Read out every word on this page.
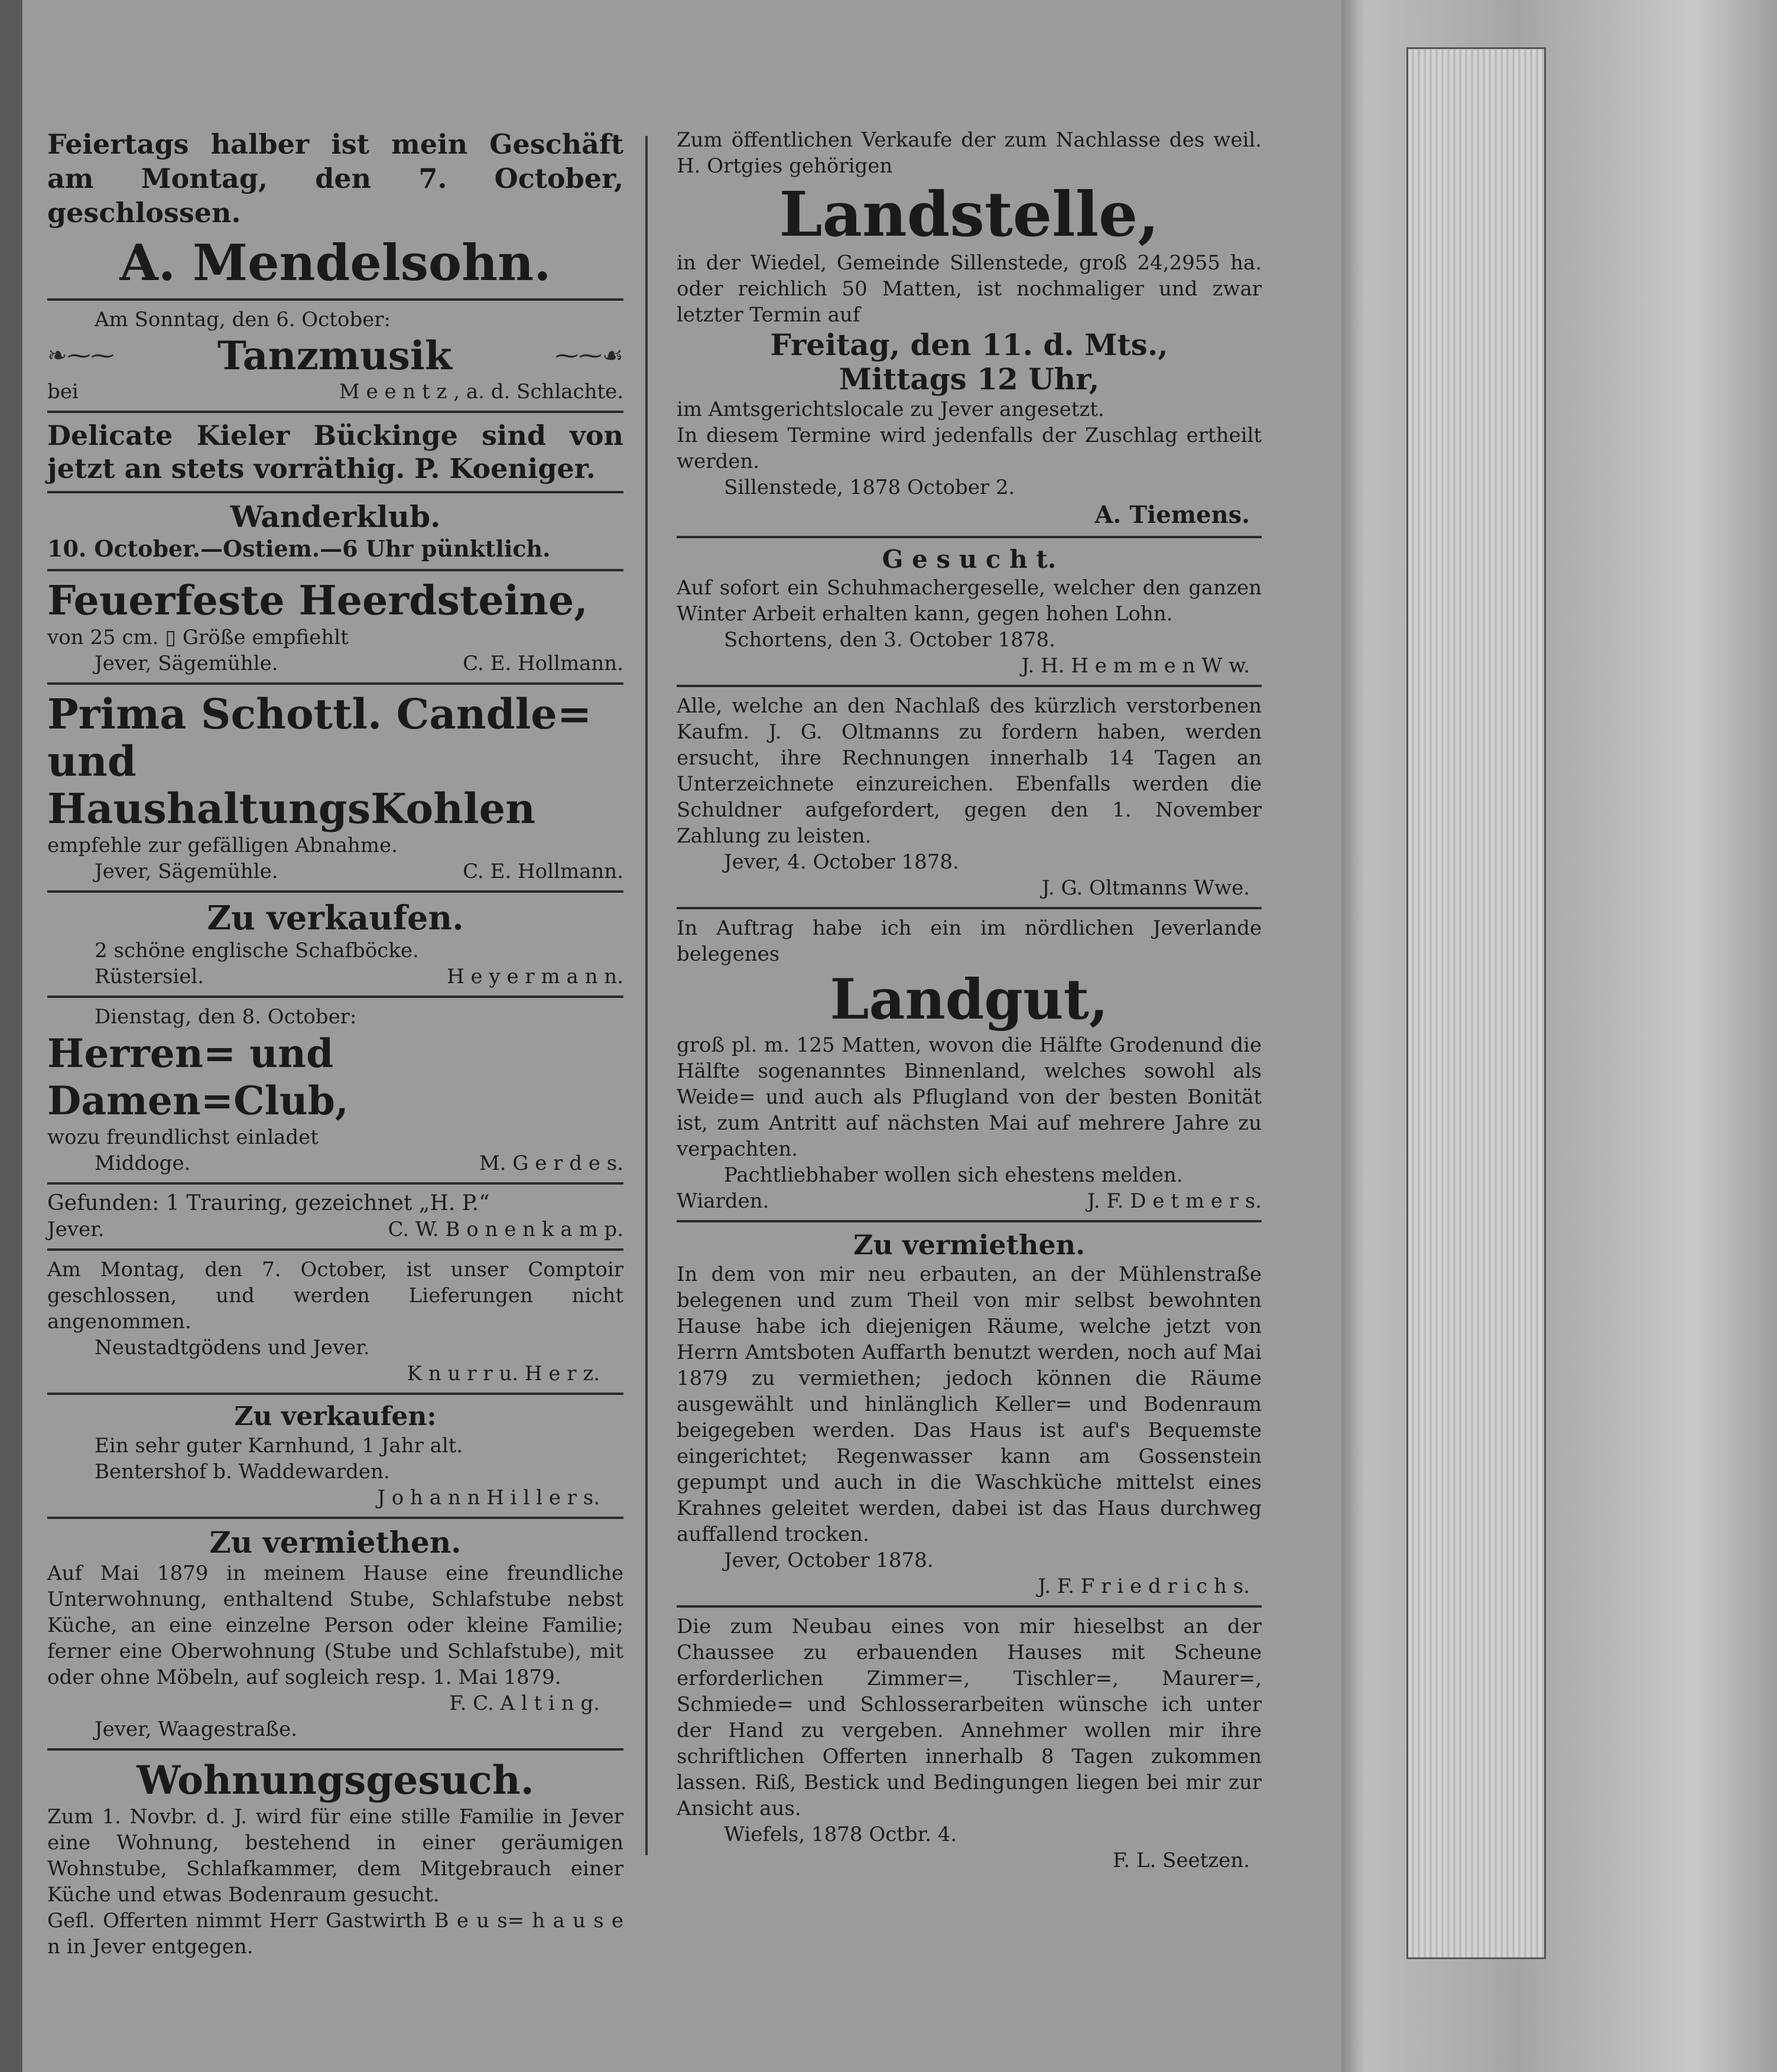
Feiertags halber ist mein Geschäft am Montag, den 7. October, geschlossen.
A. Mendelsohn.
Am Sonntag, den 6. October:
❧⁓⁓	Tanzmusik	⁓⁓☙
bei	M e e n t z , a. d. Schlachte.
Delicate Kieler Bückinge sind von jetzt an stets vorräthig. P. Koeniger.
Wanderklub.
10. October.—Ostiem.—6 Uhr pünktlich.
Feuerfeste Heerdsteine,
von 25 cm. ▯ Größe empfiehlt
Jever, Sägemühle.	C. E. Hollmann.
Prima Schottl. Candle=
und HaushaltungsKohlen
empfehle zur gefälligen Abnahme.
Jever, Sägemühle.	C. E. Hollmann.
Zu verkaufen.
2 schöne englische Schafböcke.
Rüstersiel.	H e y e r m a n n.
Dienstag, den 8. October:
Herren= und Damen=Club,
wozu freundlichst einladet
Middoge.	M. G e r d e s.
Gefunden: 1 Trauring, gezeichnet „H. P.“
Jever.	C. W. B o n e n k a m p.
Am Montag, den 7. October, ist unser Comptoir geschlossen, und werden Lieferungen nicht angenommen.
Neustadtgödens und Jever.
K n u r r u. H e r z.
Zu verkaufen:
Ein sehr guter Karnhund, 1 Jahr alt.
Bentershof b. Waddewarden.
J o h a n n H i l l e r s.
Zu vermiethen.
Auf Mai 1879 in meinem Hause eine freundliche Unterwohnung, enthaltend Stube, Schlafstube nebst Küche, an eine einzelne Person oder kleine Familie; ferner eine Oberwohnung (Stube und Schlafstube), mit oder ohne Möbeln, auf sogleich resp. 1. Mai 1879.
F. C. A l t i n g.
Jever, Waagestraße.
Wohnungsgesuch.
Zum 1. Novbr. d. J. wird für eine stille Familie in Jever eine Wohnung, bestehend in einer geräumigen Wohnstube, Schlafkammer, dem Mitgebrauch einer Küche und etwas Bodenraum gesucht.
Gefl. Offerten nimmt Herr Gastwirth B e u s= h a u s e n in Jever entgegen.
Zum öffentlichen Verkaufe der zum Nachlasse des weil. H. Ortgies gehörigen
Landstelle,
in der Wiedel, Gemeinde Sillenstede, groß 24,2955 ha. oder reichlich 50 Matten, ist nochmaliger und zwar letzter Termin auf
Freitag, den 11. d. Mts.,
Mittags 12 Uhr,
im Amtsgerichtslocale zu Jever angesetzt.
In diesem Termine wird jedenfalls der Zuschlag ertheilt werden.
Sillenstede, 1878 October 2.
A. Tiemens.
G e s u c h t.
Auf sofort ein Schuhmachergeselle, welcher den ganzen Winter Arbeit erhalten kann, gegen hohen Lohn.
Schortens, den 3. October 1878.
J. H. H e m m e n W w.
Alle, welche an den Nachlaß des kürzlich verstorbenen Kaufm. J. G. Oltmanns zu fordern haben, werden ersucht, ihre Rechnungen innerhalb 14 Tagen an Unterzeichnete einzureichen. Ebenfalls werden die Schuldner aufgefordert, gegen den 1. November Zahlung zu leisten.
Jever, 4. October 1878.
J. G. Oltmanns Wwe.
In Auftrag habe ich ein im nördlichen Jeverlande belegenes
Landgut,
groß pl. m. 125 Matten, wovon die Hälfte Grodenund die Hälfte sogenanntes Binnenland, welches sowohl als Weide= und auch als Pflugland von der besten Bonität ist, zum Antritt auf nächsten Mai auf mehrere Jahre zu verpachten.
Pachtliebhaber wollen sich ehestens melden.
Wiarden.	J. F. D e t m e r s.
Zu vermiethen.
In dem von mir neu erbauten, an der Mühlenstraße belegenen und zum Theil von mir selbst bewohnten Hause habe ich diejenigen Räume, welche jetzt von Herrn Amtsboten Auffarth benutzt werden, noch auf Mai 1879 zu vermiethen; jedoch können die Räume ausgewählt und hinlänglich Keller= und Bodenraum beigegeben werden. Das Haus ist auf's Bequemste eingerichtet; Regenwasser kann am Gossenstein gepumpt und auch in die Waschküche mittelst eines Krahnes geleitet werden, dabei ist das Haus durchweg auffallend trocken.
Jever, October 1878.
J. F. F r i e d r i c h s.
Die zum Neubau eines von mir hieselbst an der Chaussee zu erbauenden Hauses mit Scheune erforderlichen Zimmer=, Tischler=, Maurer=, Schmiede= und Schlosserarbeiten wünsche ich unter der Hand zu vergeben. Annehmer wollen mir ihre schriftlichen Offerten innerhalb 8 Tagen zukommen lassen. Riß, Bestick und Bedingungen liegen bei mir zur Ansicht aus.
Wiefels, 1878 Octbr. 4.
F. L. Seetzen.
